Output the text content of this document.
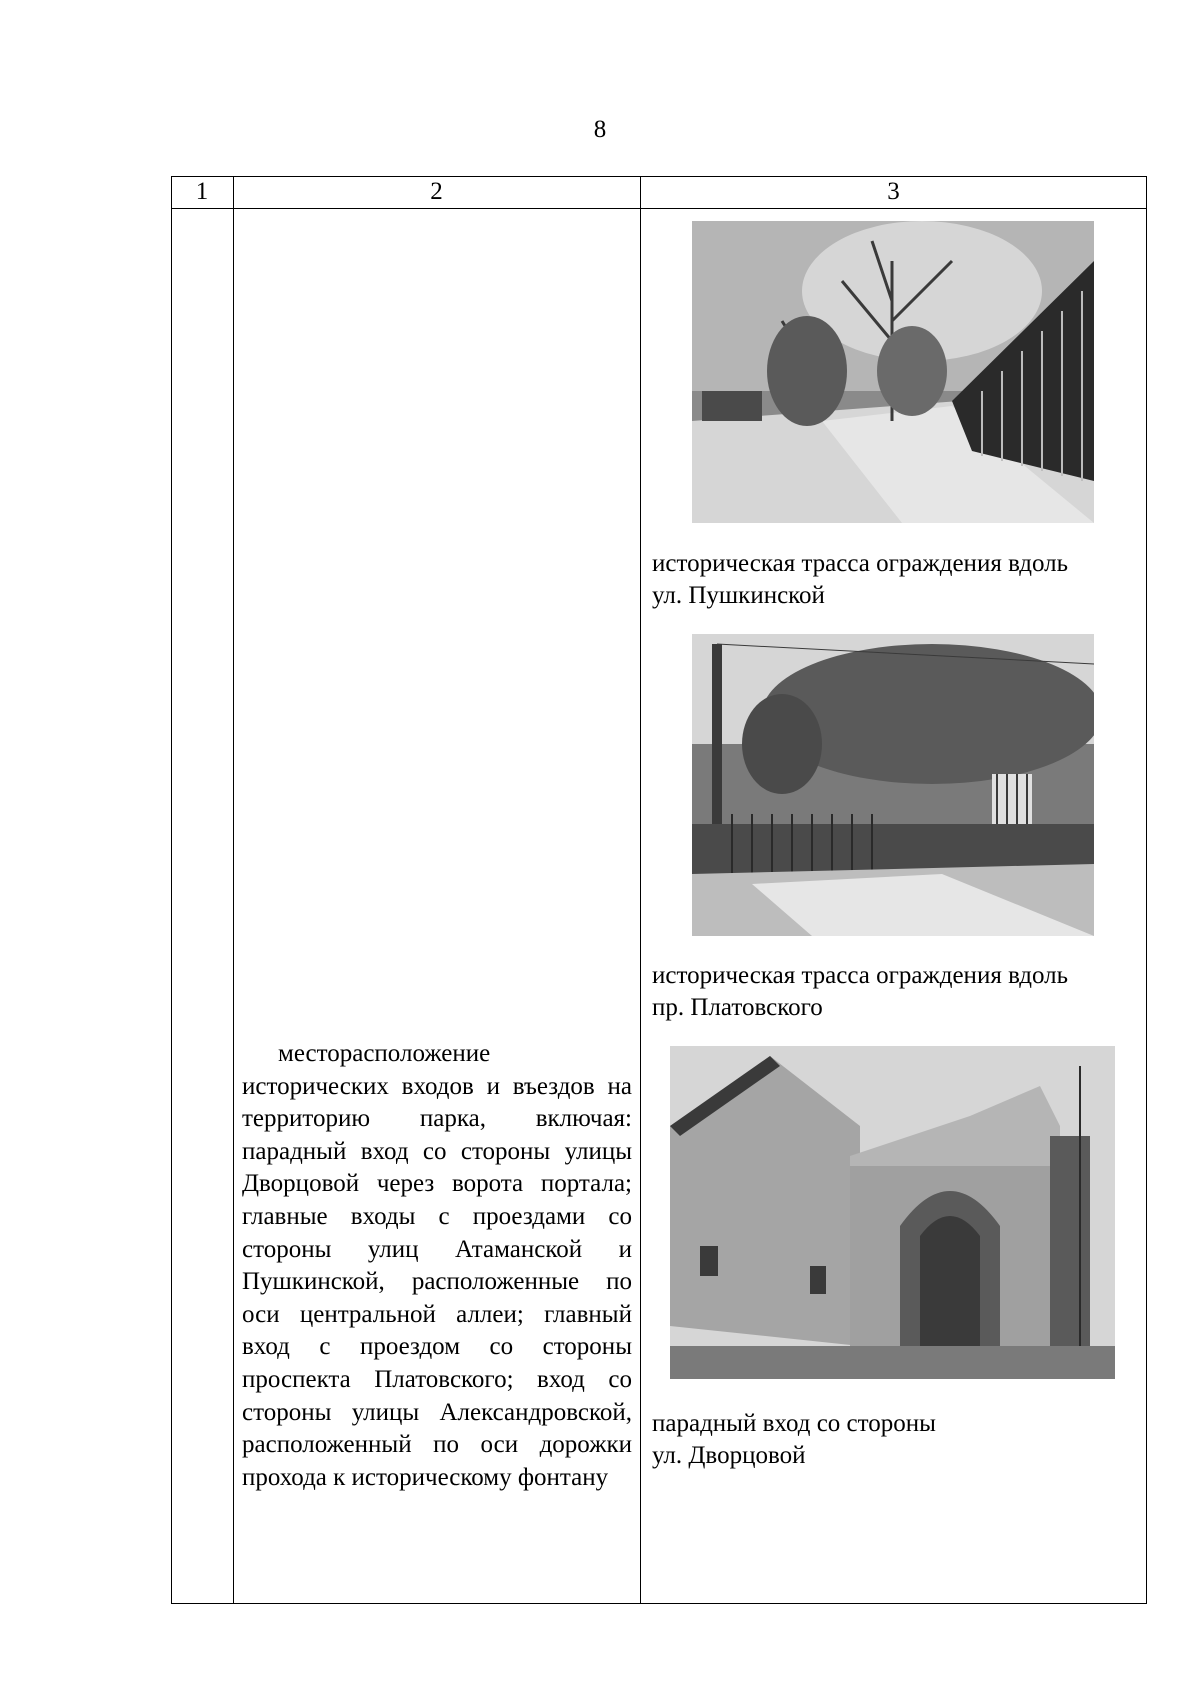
8
1	2	3
месторасположение исторических входов и въездов на территорию парка, включая: парадный вход со стороны улицы Дворцовой через ворота портала; главные входы с проездами со стороны улиц Атаманской и Пушкинской, расположенные по оси центральной аллеи; главный вход с проездом со стороны проспекта Платовского; вход со стороны улицы Александровской, расположенный по оси дорожки прохода к историческому фонтану
историческая трасса ограждения вдоль
ул. Пушкинской
историческая трасса ограждения вдоль
пр. Платовского
парадный вход со стороны
ул. Дворцовой
